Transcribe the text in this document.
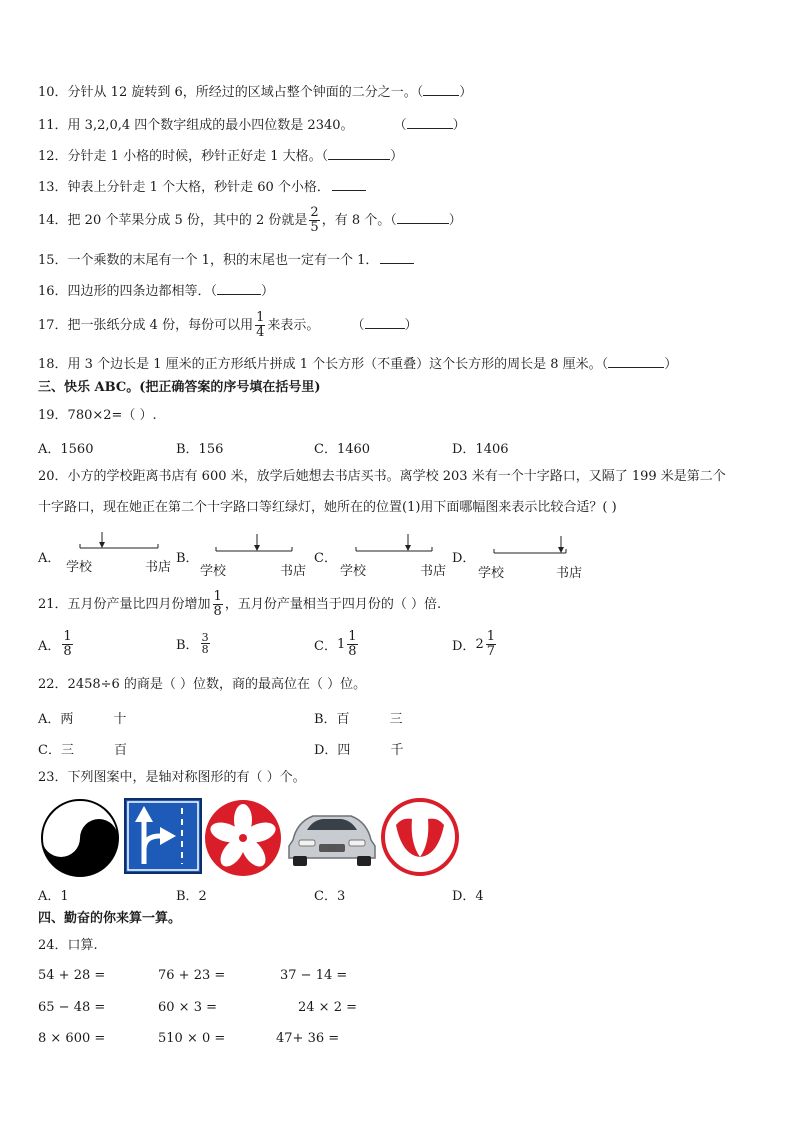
10．分针从 12 旋转到 6，所经过的区域占整个钟面的二分之一。（	）
11．用 3,2,0,4 四个数字组成的最小四位数是 2340。	（	）
12．分针走 1 小格的时候，秒针正好走 1 大格。（	）
13．钟表上分针走 1 个大格，秒针走 60 个小格．
14．把 20 个苹果分成 5 份，其中的 2 份就是 $\frac{2}{5}$ ，有 8 个。（	）
15．一个乘数的末尾有一个 1，积的末尾也一定有一个 1．
16．四边形的四条边都相等．（	）
17．把一张纸分成 4 份，每份可以用 $\frac{1}{4}$ 来表示。 （	）
18．用 3 个边长是 1 厘米的正方形纸片拼成 1 个长方形（不重叠）这个长方形的周长是 8 厘米。（	）
三、快乐 ABC。(把正确答案的序号填在括号里)
19．780×2=（ ）.
A．1560	B．156	C．1460	D．1406
20．小方的学校距离书店有 600 米，放学后她想去书店买书。离学校 203 米有一个十字路口，又隔了 199 米是第二个
十字路口，现在她正在第二个十字路口等红绿灯，她所在的位置(1)用下面哪幅图来表示比较合适？( )
A．	B．	C．	D．
学校	书店 学校	书店	学校	书店 学校	书店
21．五月份产量比四月份增加 $\frac{1}{8}$ ，五月份产量相当于四月份的（ ）倍.
A． $\frac{1}{8}$	B． $\frac{3}{8}$	C．$1 \frac{1}{8}$	D．$2 \frac{1}{7}$
22．2458÷6 的商是（ ）位数，商的最高位在（ ）位。
A．两	十	B．百	三
C．三	百	D．四	千
23．下列图案中，是轴对称图形的有（ ）个。
A．1	B．2	C．3	D．4
四、勤奋的你来算一算。
24．口算.
54 + 28 =	76 + 23 =	37 − 14 =
65 − 48 =	60 × 3 =	24 × 2 =
8 × 600 =	510 × 0 =	47+ 36 =
